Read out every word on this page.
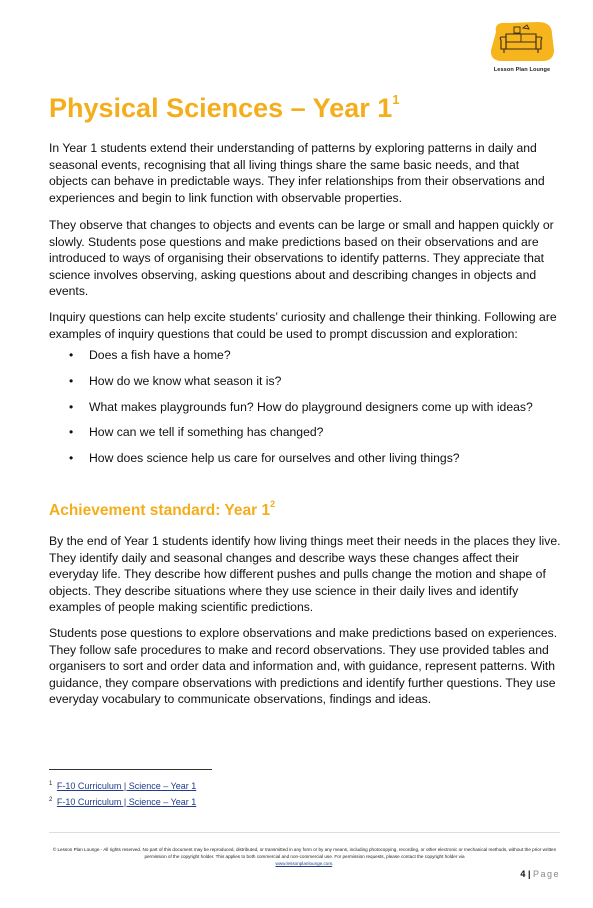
Lesson Plan Lounge
Physical Sciences – Year $1^1$

In Year 1 students extend their understanding of patterns by exploring patterns in daily and seasonal events, recognising that all living things share the same basic needs, and that objects can behave in predictable ways. They infer relationships from their observations and experiences and begin to link function with observable properties.

They observe that changes to objects and events can be large or small and happen quickly or slowly. Students pose questions and make predictions based on their observations and are introduced to ways of organising their observations to identify patterns. They appreciate that science involves observing, asking questions about and describing changes in objects and events.

Inquiry questions can help excite students’ curiosity and challenge their thinking. Following are examples of inquiry questions that could be used to prompt discussion and exploration:

• Does a fish have a home?
• How do we know what season it is?
• What makes playgrounds fun? How do playground designers come up with ideas?
• How can we tell if something has changed?
• How does science help us care for ourselves and other living things?
Achievement standard: Year $1^2$

By the end of Year 1 students identify how living things meet their needs in the places they live. They identify daily and seasonal changes and describe ways these changes affect their everyday life. They describe how different pushes and pulls change the motion and shape of objects. They describe situations where they use science in their daily lives and identify examples of people making scientific predictions.

Students pose questions to explore observations and make predictions based on experiences. They follow safe procedures to make and record observations. They use provided tables and organisers to sort and order data and information and, with guidance, represent patterns. With guidance, they compare observations with predictions and identify further questions. They use everyday vocabulary to communicate observations, findings and ideas.

$^1$ F-10 Curriculum | Science – Year 1
$^2$ F-10 Curriculum | Science – Year 1
© Lesson Plan Lounge - All rights reserved. No part of this document may be reproduced, distributed, or transmitted in any form or by any means, including photocopying, recording, or other electronic or mechanical methods, without the prior written permission of the copyright holder. This applies to both commercial and non-commercial use. For permission requests, please contact the copyright holder via
www.lessonplanlounge.com.
4 | Page
